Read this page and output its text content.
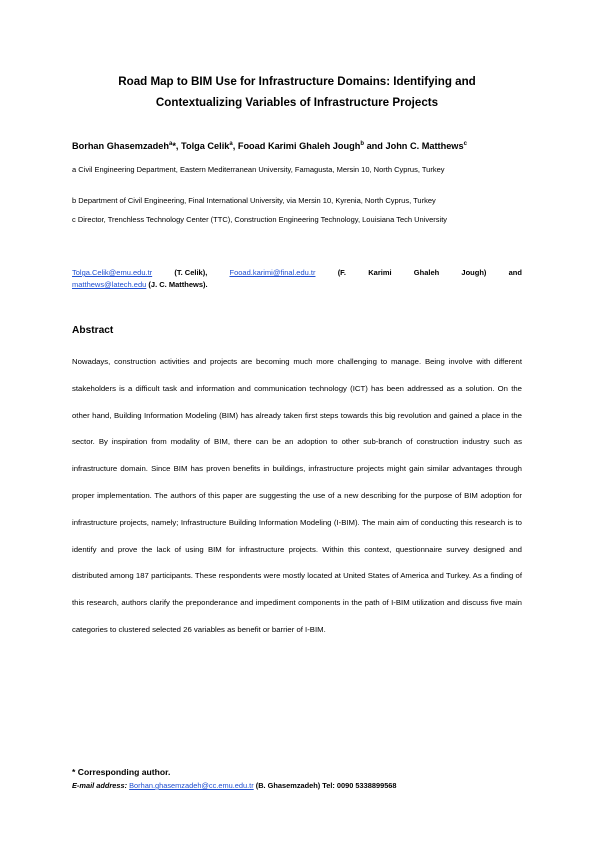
Road Map to BIM Use for Infrastructure Domains: Identifying and
Contextualizing Variables of Infrastructure Projects
Borhan Ghasemzadeh$^a$*, Tolga Celik$^a$, Fooad Karimi Ghaleh Jough$^b$ and John C. Matthews$^c$
a Civil Engineering Department, Eastern Mediterranean University, Famagusta, Mersin 10, North Cyprus, Turkey
b Department of Civil Engineering, Final International University, via Mersin 10, Kyrenia, North Cyprus, Turkey
c Director, Trenchless Technology Center (TTC), Construction Engineering Technology, Louisiana Tech University
Tolga.Celik@emu.edu.tr	(T. Celik),	Fooad.karimi@final.edu.tr	(F.	Karimi	Ghaleh	Jough)	and
matthews@latech.edu (J. C. Matthews).
Abstract
Nowadays, construction activities and projects are becoming much more challenging to manage. Being involve with different stakeholders is a difficult task and information and communication technology (ICT) has been addressed as a solution. On the other hand, Building Information Modeling (BIM) has already taken first steps towards this big revolution and gained a place in the sector. By inspiration from modality of BIM, there can be an adoption to other sub-branch of construction industry such as infrastructure domain. Since BIM has proven benefits in buildings, infrastructure projects might gain similar advantages through proper implementation. The authors of this paper are suggesting the use of a new describing for the purpose of BIM adoption for infrastructure projects, namely; Infrastructure Building Information Modeling (I-BIM). The main aim of conducting this research is to identify and prove the lack of using BIM for infrastructure projects. Within this context, questionnaire survey designed and distributed among 187 participants. These respondents were mostly located at United States of America and Turkey. As a finding of this research, authors clarify the preponderance and impediment components in the path of I-BIM utilization and discuss five main categories to clustered selected 26 variables as benefit or barrier of I-BIM.
* Corresponding author.
E-mail address: Borhan.ghasemzadeh@cc.emu.edu.tr (B. Ghasemzadeh) Tel: 0090 5338899568
